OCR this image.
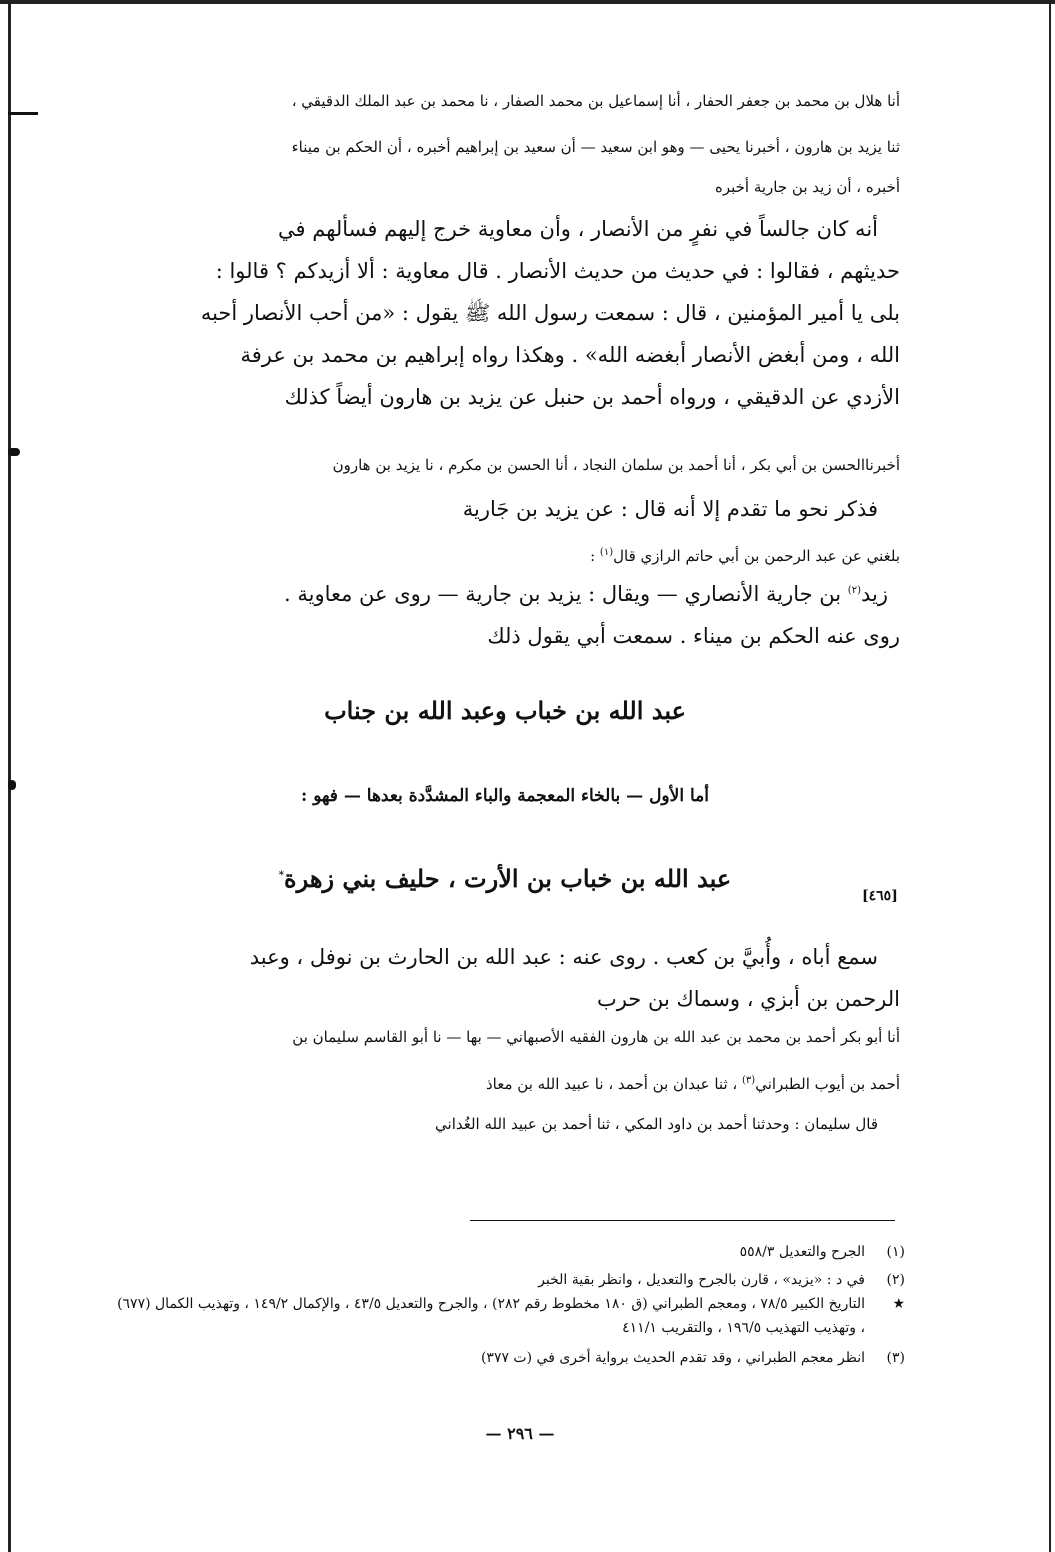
أنا هلال بن محمد بن جعفر الحفار ، أنا إسماعيل بن محمد الصفار ، نا محمد بن عبد الملك الدقيقي ،
ثنا يزيد بن هارون ، أخبرنا يحيى — وهو ابن سعيد — أن سعيد بن إبراهيم أخبره ، أن الحكم بن ميناء
أخبره ، أن زيد بن جارية أخبره
أنه كان جالساً في نفرٍ من الأنصار ، وأن معاوية خرج إليهم فسألهم في
حديثهم ، فقالوا : في حديث من حديث الأنصار . قال معاوية : ألا أزيدكم ؟ قالوا :
بلى يا أمير المؤمنين ، قال : سمعت رسول الله ﷺ يقول : «من أحب الأنصار أحبه
الله ، ومن أبغض الأنصار أبغضه الله» . وهكذا رواه إبراهيم بن محمد بن عرفة
الأزدي عن الدقيقي ، ورواه أحمد بن حنبل عن يزيد بن هارون أيضاً كذلك
أخبرناالحسن بن أبي بكر ، أنا أحمد بن سلمان النجاد ، أنا الحسن بن مكرم ، نا يزيد بن هارون
فذكر نحو ما تقدم إلا أنه قال : عن يزيد بن جَارية
بلغني عن عبد الرحمن بن أبي حاتم الرازي قال$^{(١)}$ :
زيد$^{(٢)}$ بن جارية الأنصاري — ويقال : يزيد بن جارية — روى عن معاوية .
روى عنه الحكم بن ميناء . سمعت أبي يقول ذلك
عبد الله بن خباب وعبد الله بن جناب
أما الأول — بالخاء المعجمة والباء المشدَّدة بعدها — فهو :
عبد الله بن خباب بن الأرت ، حليف بني زهرة*
سمع أباه ، وأُبيَّ بن كعب . روى عنه : عبد الله بن الحارث بن نوفل ، وعبد
الرحمن بن أبزي ، وسماك بن حرب
أنا أبو بكر أحمد بن محمد بن عبد الله بن هارون الفقيه الأصبهاني — بها — نا أبو القاسم سليمان بن
أحمد بن أيوب الطبراني$^{(٣)}$ ، ثنا عبدان بن أحمد ، نا عبيد الله بن معاذ
قال سليمان : وحدثنا أحمد بن داود المكي ، ثنا أحمد بن عبيد الله الغُداني
[٤٦٥]
(١)
الجرح والتعديل ٥٥٨/٣
(٢)
في د : «يزيد» ، قارن بالجرح والتعديل ، وانظر بقية الخبر
★
التاريخ الكبير ٧٨/٥ ، ومعجم الطبراني (ق ١٨٠ مخطوط رقم ٢٨٢) ، والجرح والتعديل ٤٣/٥ ، والإكمال ١٤٩/٢ ، وتهذيب الكمال (٦٧٧) ، وتهذيب التهذيب ١٩٦/٥ ، والتقريب ٤١١/١
(٣)
انظر معجم الطبراني ، وقد تقدم الحديث برواية أخرى في (ت ٣٧٧)
— ٢٩٦ —
